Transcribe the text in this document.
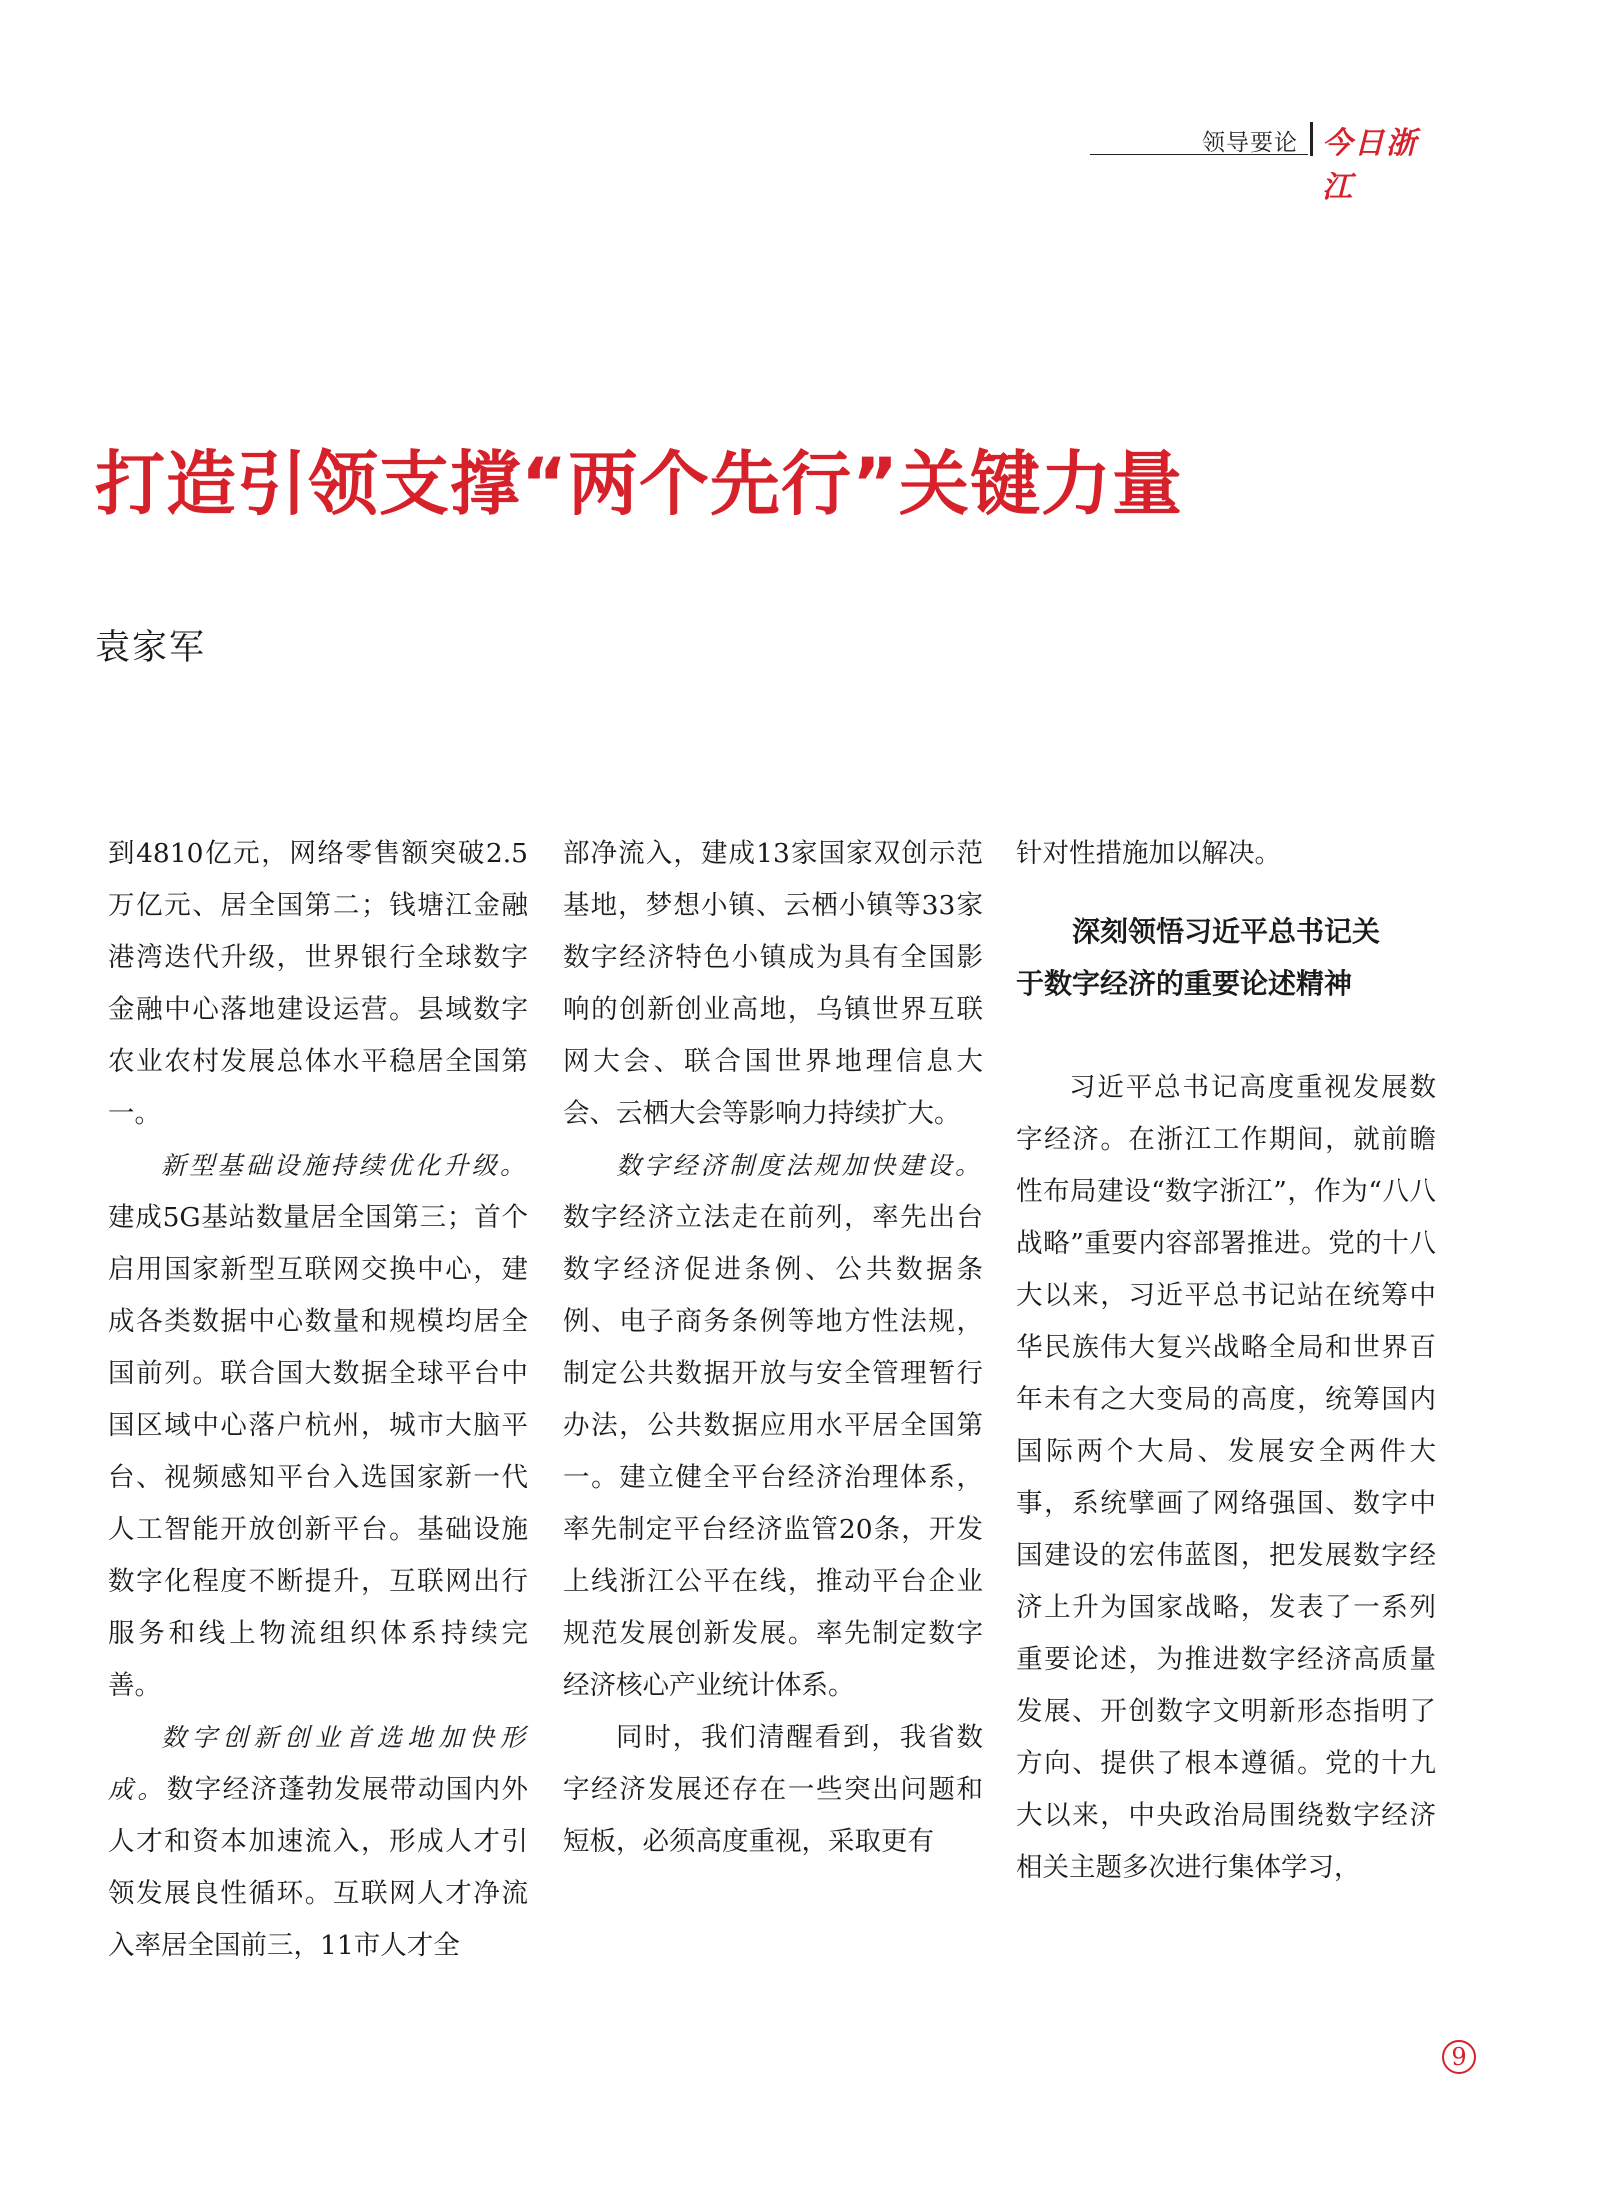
领导要论 今日浙江
打造引领支撑“两个先行”关键力量
袁家军

到4810亿元，网络零售额突破2.5万亿元、居全国第二；钱塘江金融港湾迭代升级，世界银行全球数字金融中心落地建设运营。县域数字农业农村发展总体水平稳居全国第一。

新型基础设施持续优化升级。建成5G基站数量居全国第三；首个启用国家新型互联网交换中心，建成各类数据中心数量和规模均居全国前列。联合国大数据全球平台中国区域中心落户杭州，城市大脑平台、视频感知平台入选国家新一代人工智能开放创新平台。基础设施数字化程度不断提升，互联网出行服务和线上物流组织体系持续完善。

数字创新创业首选地加快形成。数字经济蓬勃发展带动国内外人才和资本加速流入，形成人才引领发展良性循环。互联网人才净流入率居全国前三，11市人才全

部净流入，建成13家国家双创示范基地，梦想小镇、云栖小镇等33家数字经济特色小镇成为具有全国影响的创新创业高地，乌镇世界互联网大会、联合国世界地理信息大会、云栖大会等影响力持续扩大。

数字经济制度法规加快建设。数字经济立法走在前列，率先出台数字经济促进条例、公共数据条例、电子商务条例等地方性法规，制定公共数据开放与安全管理暂行办法，公共数据应用水平居全国第一。建立健全平台经济治理体系，率先制定平台经济监管20条，开发上线浙江公平在线，推动平台企业规范发展创新发展。率先制定数字经济核心产业统计体系。

同时，我们清醒看到，我省数字经济发展还存在一些突出问题和短板，必须高度重视，采取更有

针对性措施加以解决。

深刻领悟习近平总书记关
于数字经济的重要论述精神

习近平总书记高度重视发展数字经济。在浙江工作期间，就前瞻性布局建设“数字浙江”，作为“八八战略”重要内容部署推进。党的十八大以来，习近平总书记站在统筹中华民族伟大复兴战略全局和世界百年未有之大变局的高度，统筹国内国际两个大局、发展安全两件大事，系统擘画了网络强国、数字中国建设的宏伟蓝图，把发展数字经济上升为国家战略，发表了一系列重要论述，为推进数字经济高质量发展、开创数字文明新形态指明了方向、提供了根本遵循。党的十九大以来，中央政治局围绕数字经济相关主题多次进行集体学习，

9
